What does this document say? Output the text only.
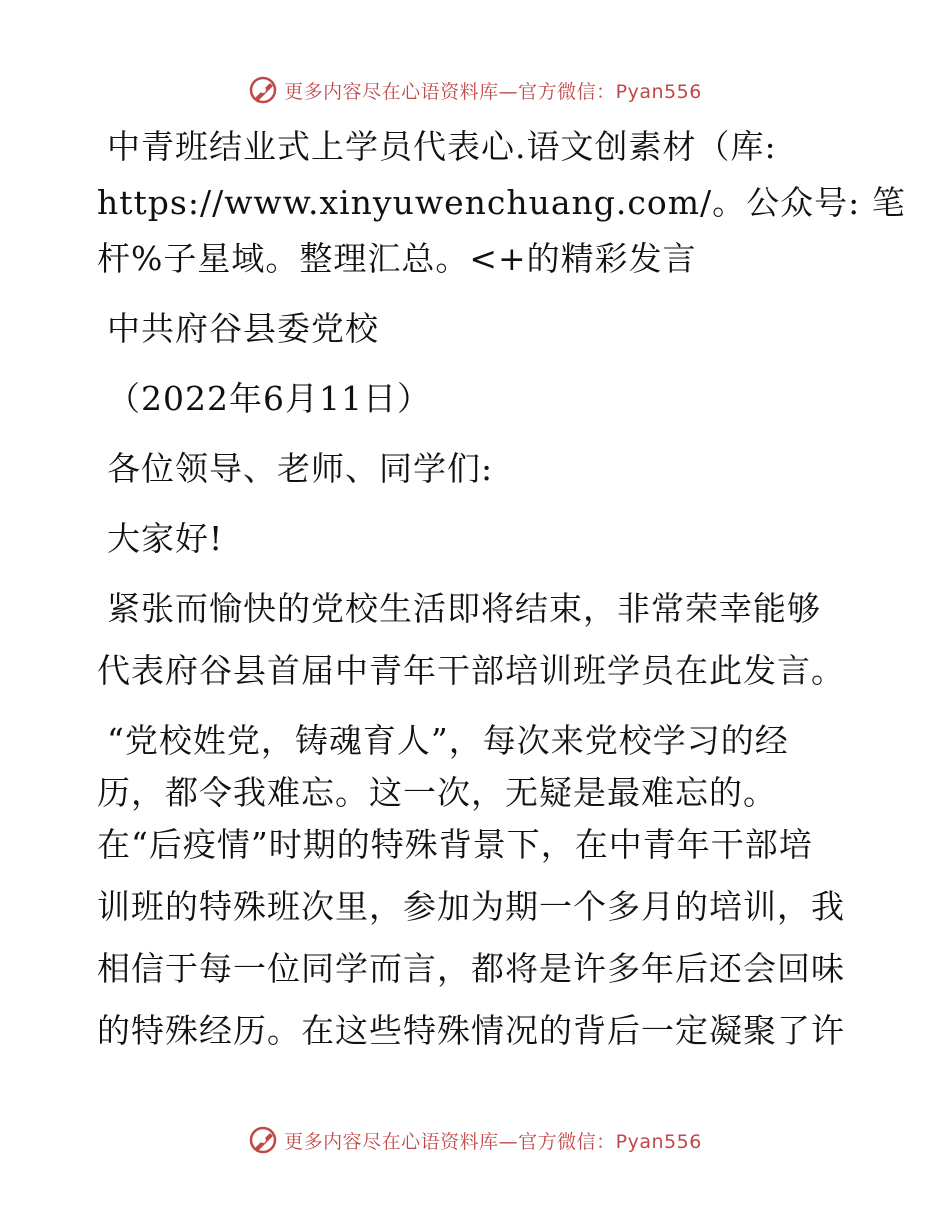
更多内容尽在心语资料库—官方微信：Pyan556
中青班结业式上学员代表心.语文创素材（库:
https://www.xinyuwenchuang.com/。公众号: 笔
杆%子星域。整理汇总。<+的精彩发言
中共府谷县委党校
（2022年6月11日）
各位领导、老师、同学们:
大家好!
紧张而愉快的党校生活即将结束，非常荣幸能够
代表府谷县首届中青年干部培训班学员在此发言。
“党校姓党，铸魂育人”，每次来党校学习的经
历，都令我难忘。这一次，无疑是最难忘的。
在“后疫情”时期的特殊背景下，在中青年干部培
训班的特殊班次里，参加为期一个多月的培训，我
相信于每一位同学而言，都将是许多年后还会回味
的特殊经历。在这些特殊情况的背后一定凝聚了许
更多内容尽在心语资料库—官方微信：Pyan556
